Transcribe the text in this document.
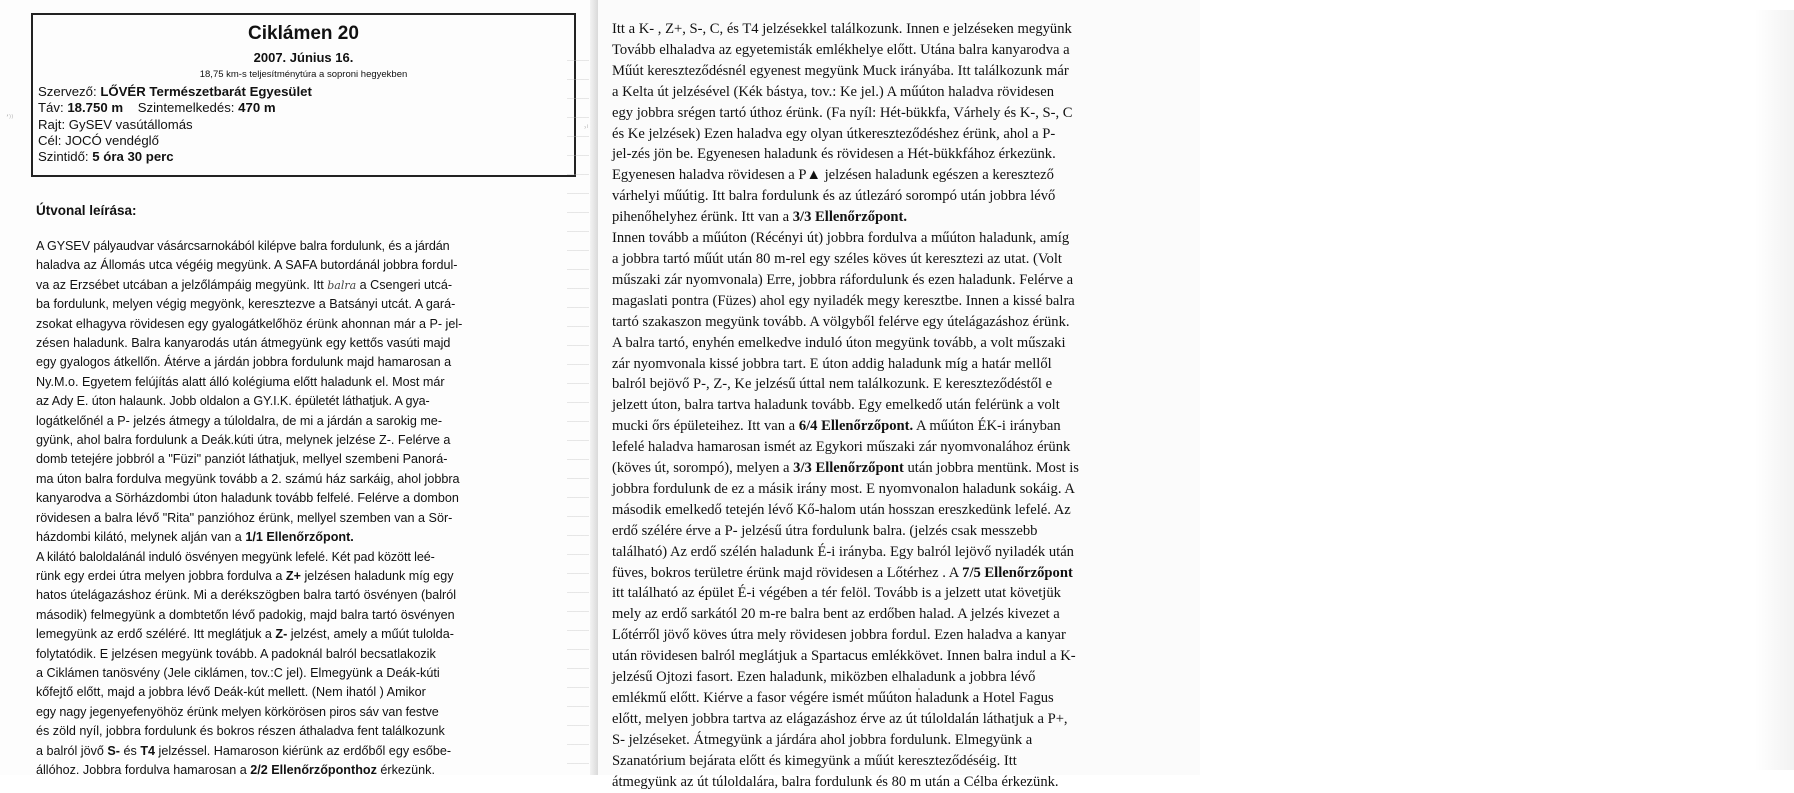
Ciklámen 20
2007. Június 16.
18,75 km-s teljesítménytúra a soproni hegyekben
Szervező: LŐVÉR Természetbarát Egyesület
Táv: 18.750 m Szintemelkedés: 470 m
Rajt: GySEV vasútállomás
Cél: JOCÓ vendéglő
Szintidő: 5 óra 30 perc
Útvonal leírása:
A GYSEV pályaudvar vásárcsarnokából kilépve balra fordulunk, és a járdán
haladva az Állomás utca végéig megyünk. A SAFA butordánál jobbra fordul-
va az Erzsébet utcában a jelzőlámpáig megyünk. Itt balra a Csengeri utcá-
ba fordulunk, melyen végig megyönk, keresztezve a Batsányi utcát. A gará-
zsokat elhagyva rövidesen egy gyalogátkelőhöz érünk ahonnan már a P- jel-
zésen haladunk. Balra kanyarodás után átmegyünk egy kettős vasúti majd
egy gyalogos átkellőn. Átérve a járdán jobbra fordulunk majd hamarosan a
Ny.M.o. Egyetem felújítás alatt álló kolégiuma előtt haladunk el. Most már
az Ady E. úton halaunk. Jobb oldalon a GY.I.K. épületét láthatjuk. A gya-
logátkelőnél a P- jelzés átmegy a túloldalra, de mi a járdán a sarokig me-
gyünk, ahol balra fordulunk a Deák.kúti útra, melynek jelzése Z-. Felérve a
domb tetejére jobbról a "Füzi" panziót láthatjuk, mellyel szembeni Panorá-
ma úton balra fordulva megyünk tovább a 2. számú ház sarkáig, ahol jobbra
kanyarodva a Sörházdombi úton haladunk tovább felfelé. Felérve a dombon
rövidesen a balra lévő "Rita" panzióhoz érünk, mellyel szemben van a Sör-
házdombi kilátó, melynek alján van a 1/1 Ellenőrzőpont.
A kilátó baloldalánál induló ösvényen megyünk lefelé. Két pad között leé-
rünk egy erdei útra melyen jobbra fordulva a Z+ jelzésen haladunk míg egy
hatos útelágazáshoz érünk. Mi a derékszögben balra tartó ösvényen (balról
második) felmegyünk a dombtetőn lévő padokig, majd balra tartó ösvényen
lemegyünk az erdő széléré. Itt meglátjuk a Z- jelzést, amely a műút tulolda-
folytatódik. E jelzésen megyünk tovább. A padoknál balról becsatlakozik
a Ciklámen tanösvény (Jele ciklámen, tov.:C jel). Elmegyünk a Deák-kúti
kőfejtő előtt, majd a jobbra lévő Deák-kút mellett. (Nem ihatól ) Amikor
egy nagy jegenyefenyöhöz érünk melyen körkörösen piros sáv van festve
és zöld nyíl, jobbra fordulunk és bokros részen áthaladva fent találkozunk
a balról jövő S- és T4 jelzéssel. Hamaroson kiérünk az erdőből egy esőbe-
állóhoz. Jobbra fordulva hamarosan a 2/2 Ellenőrzőponthoz érkezünk.
ʼ⁾⁾
Itt a K- , Z+, S-, C, és T4 jelzésekkel találkozunk. Innen e jelzéseken megyünk
Tovább elhaladva az egyetemisták emlékhelye előtt. Utána balra kanyarodva a
Műút kereszteződésnél egyenest megyünk Muck irányába. Itt találkozunk már
a Kelta út jelzésével (Kék bástya, tov.: Ke jel.) A műúton haladva rövidesen
egy jobbra srégen tartó úthoz érünk. (Fa nyíl: Hét-bükkfa, Várhely és K-, S-, C
és Ke jelzések) Ezen haladva egy olyan útkereszteződéshez érünk, ahol a P-
jel-zés jön be. Egyenesen haladunk és rövidesen a Hét-bükkfához érkezünk.
Egyenesen haladva rövidesen a P▲ jelzésen haladunk egészen a keresztező
várhelyi műútig. Itt balra fordulunk és az útlezáró sorompó után jobbra lévő
pihenőhelyhez érünk. Itt van a 3/3 Ellenőrzőpont.
Innen tovább a műúton (Récényi út) jobbra fordulva a műúton haladunk, amíg
a jobbra tartó műút után 80 m-rel egy széles köves út keresztezi az utat. (Volt
műszaki zár nyomvonala) Erre, jobbra ráfordulunk és ezen haladunk. Felérve a
magaslati pontra (Füzes) ahol egy nyiladék megy keresztbe. Innen a kissé balra
tartó szakaszon megyünk tovább. A völgyből felérve egy útelágazáshoz érünk.
A balra tartó, enyhén emelkedve induló úton megyünk tovább, a volt műszaki
zár nyomvonala kissé jobbra tart. E úton addig haladunk míg a határ mellől
balról bejövő P-, Z-, Ke jelzésű úttal nem találkozunk. E kereszteződéstől e
jelzett úton, balra tartva haladunk tovább. Egy emelkedő után felérünk a volt
mucki őrs épületeihez. Itt van a 6/4 Ellenőrzőpont. A műúton ÉK-i irányban
lefelé haladva hamarosan ismét az Egykori műszaki zár nyomvonalához érünk
(köves út, sorompó), melyen a 3/3 Ellenőrzőpont után jobbra mentünk. Most is
jobbra fordulunk de ez a másik irány most. E nyomvonalon haladunk sokáig. A
második emelkedő tetején lévő Kő-halom után hosszan ereszkedünk lefelé. Az
erdő szélére érve a P- jelzésű útra fordulunk balra. (jelzés csak messzebb
található) Az erdő szélén haladunk É-i irányba. Egy balról lejövő nyiladék után
füves, bokros területre érünk majd rövidesen a Lőtérhez . A 7/5 Ellenőrzőpont
itt található az épület É-i végében a tér felöl. Tovább is a jelzett utat követjük
mely az erdő sarkától 20 m-re balra bent az erdőben halad. A jelzés kivezet a
Lőtérről jövő köves útra mely rövidesen jobbra fordul. Ezen haladva a kanyar
után rövidesen balról meglátjuk a Spartacus emlékkövet. Innen balra indul a K-
jelzésű Ojtozi fasort. Ezen haladunk, miközben elhaladunk a jobbra lévő
emlékmű előtt. Kiérve a fasor végére ismét műúton haladunk a Hotel Fagus
előtt, melyen jobbra tartva az elágazáshoz érve az út túloldalán láthatjuk a P+,
S- jelzéseket. Átmegyünk a járdára ahol jobbra fordulunk. Elmegyünk a
Szanatórium bejárata előtt és kimegyünk a műút kereszteződéséig. Itt
átmegyünk az út túloldalára, balra fordulunk és 80 m után a Célba érkezünk.
˒ⁱ
